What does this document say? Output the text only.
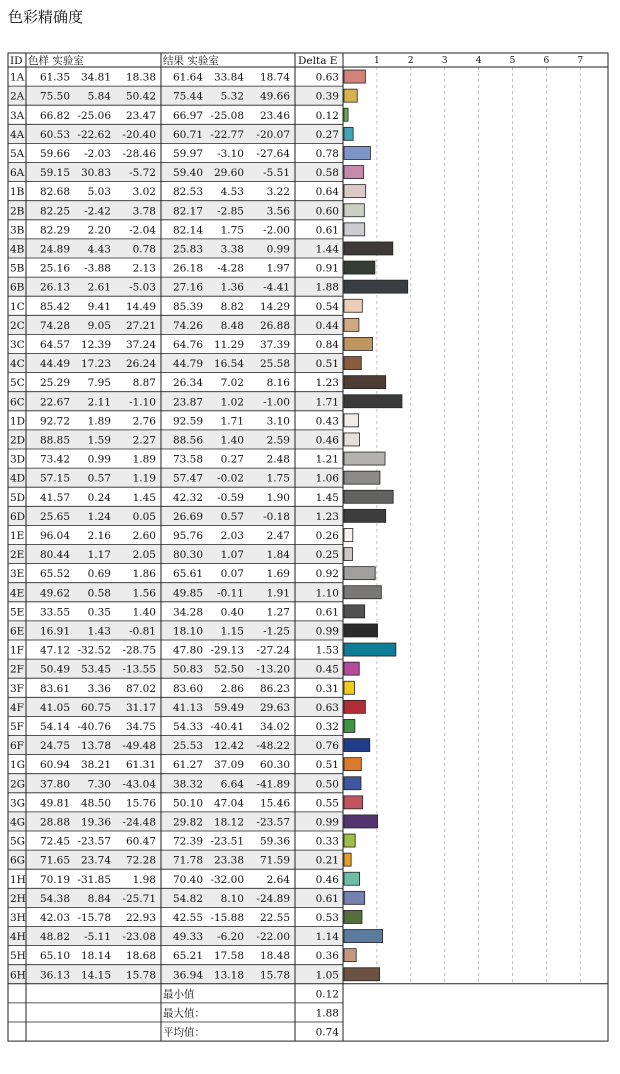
色彩精确度
1	2	3	4	5	6	7
ID 色样 实验室	结果 实验室	Delta E
1A 61.35 34.81 18.38 61.64 33.84 18.74 0.63
2A 75.50 5.84 50.42 75.44 5.32 49.66 0.39
3A 66.82 -25.06 23.47 66.97 -25.08 23.46 0.12
4A 60.53 -22.62 -20.40 60.71 -22.77 -20.07 0.27
5A 59.66 -2.03 -28.46 59.97 -3.10 -27.64 0.78
6A 59.15 30.83 -5.72 59.40 29.60 -5.51 0.58
1B 82.68 5.03 3.02 82.53 4.53 3.22 0.64
2B 82.25 -2.42 3.78 82.17 -2.85 3.56 0.60
3B 82.29 2.20 -2.04 82.14 1.75 -2.00 0.61
4B 24.89 4.43 0.78 25.83 3.38 0.99 1.44
5B 25.16 -3.88 2.13 26.18 -4.28 1.97 0.91
6B 26.13 2.61 -5.03 27.16 1.36 -4.41 1.88
1C 85.42 9.41 14.49 85.39 8.82 14.29 0.54
2C 74.28 9.05 27.21 74.26 8.48 26.88 0.44
3C 64.57 12.39 37.24 64.76 11.29 37.39 0.84
4C 44.49 17.23 26.24 44.79 16.54 25.58 0.51
5C 25.29 7.95 8.87 26.34 7.02 8.16 1.23
6C 22.67 2.11 -1.10 23.87 1.02 -1.00 1.71
1D 92.72 1.89 2.76 92.59 1.71 3.10 0.43
2D 88.85 1.59 2.27 88.56 1.40 2.59 0.46
3D 73.42 0.99 1.89 73.58 0.27 2.48 1.21
4D 57.15 0.57 1.19 57.47 -0.02 1.75 1.06
5D 41.57 0.24 1.45 42.32 -0.59 1.90 1.45
6D 25.65 1.24 0.05 26.69 0.57 -0.18 1.23
1E 96.04 2.16 2.60 95.76 2.03 2.47 0.26
2E 80.44 1.17 2.05 80.30 1.07 1.84 0.25
3E 65.52 0.69 1.86 65.61 0.07 1.69 0.92
4E 49.62 0.58 1.56 49.85 -0.11 1.91 1.10
5E 33.55 0.35 1.40 34.28 0.40 1.27 0.61
6E 16.91 1.43 -0.81 18.10 1.15 -1.25 0.99
1F 47.12 -32.52 -28.75 47.80 -29.13 -27.24 1.53
2F 50.49 53.45 -13.55 50.83 52.50 -13.20 0.45
3F 83.61 3.36 87.02 83.60 2.86 86.23 0.31
4F 41.05 60.75 31.17 41.13 59.49 29.63 0.63
5F 54.14 -40.76 34.75 54.33 -40.41 34.02 0.32
6F 24.75 13.78 -49.48 25.53 12.42 -48.22 0.76
1G 60.94 38.21 61.31 61.27 37.09 60.30 0.51
2G 37.80 7.30 -43.04 38.32 6.64 -41.89 0.50
3G 49.81 48.50 15.76 50.10 47.04 15.46 0.55
4G 28.88 19.36 -24.48 29.82 18.12 -23.57 0.99
5G 72.45 -23.57 60.47 72.39 -23.51 59.36 0.33
6G 71.65 23.74 72.28 71.78 23.38 71.59 0.21
1H 70.19 -31.85 1.98 70.40 -32.00 2.64 0.46
2H 54.38 8.84 -25.71 54.82 8.10 -24.89 0.61
3H 42.03 -15.78 22.93 42.55 -15.88 22.55 0.53
4H 48.82 -5.11 -23.08 49.33 -6.20 -22.00 1.14
5H 65.10 18.14 18.68 65.21 17.58 18.48 0.36
6H 36.13 14.15 15.78 36.94 13.18 15.78 1.05
最小值	0.12
最大值：	1.88
平均值：	0.74
